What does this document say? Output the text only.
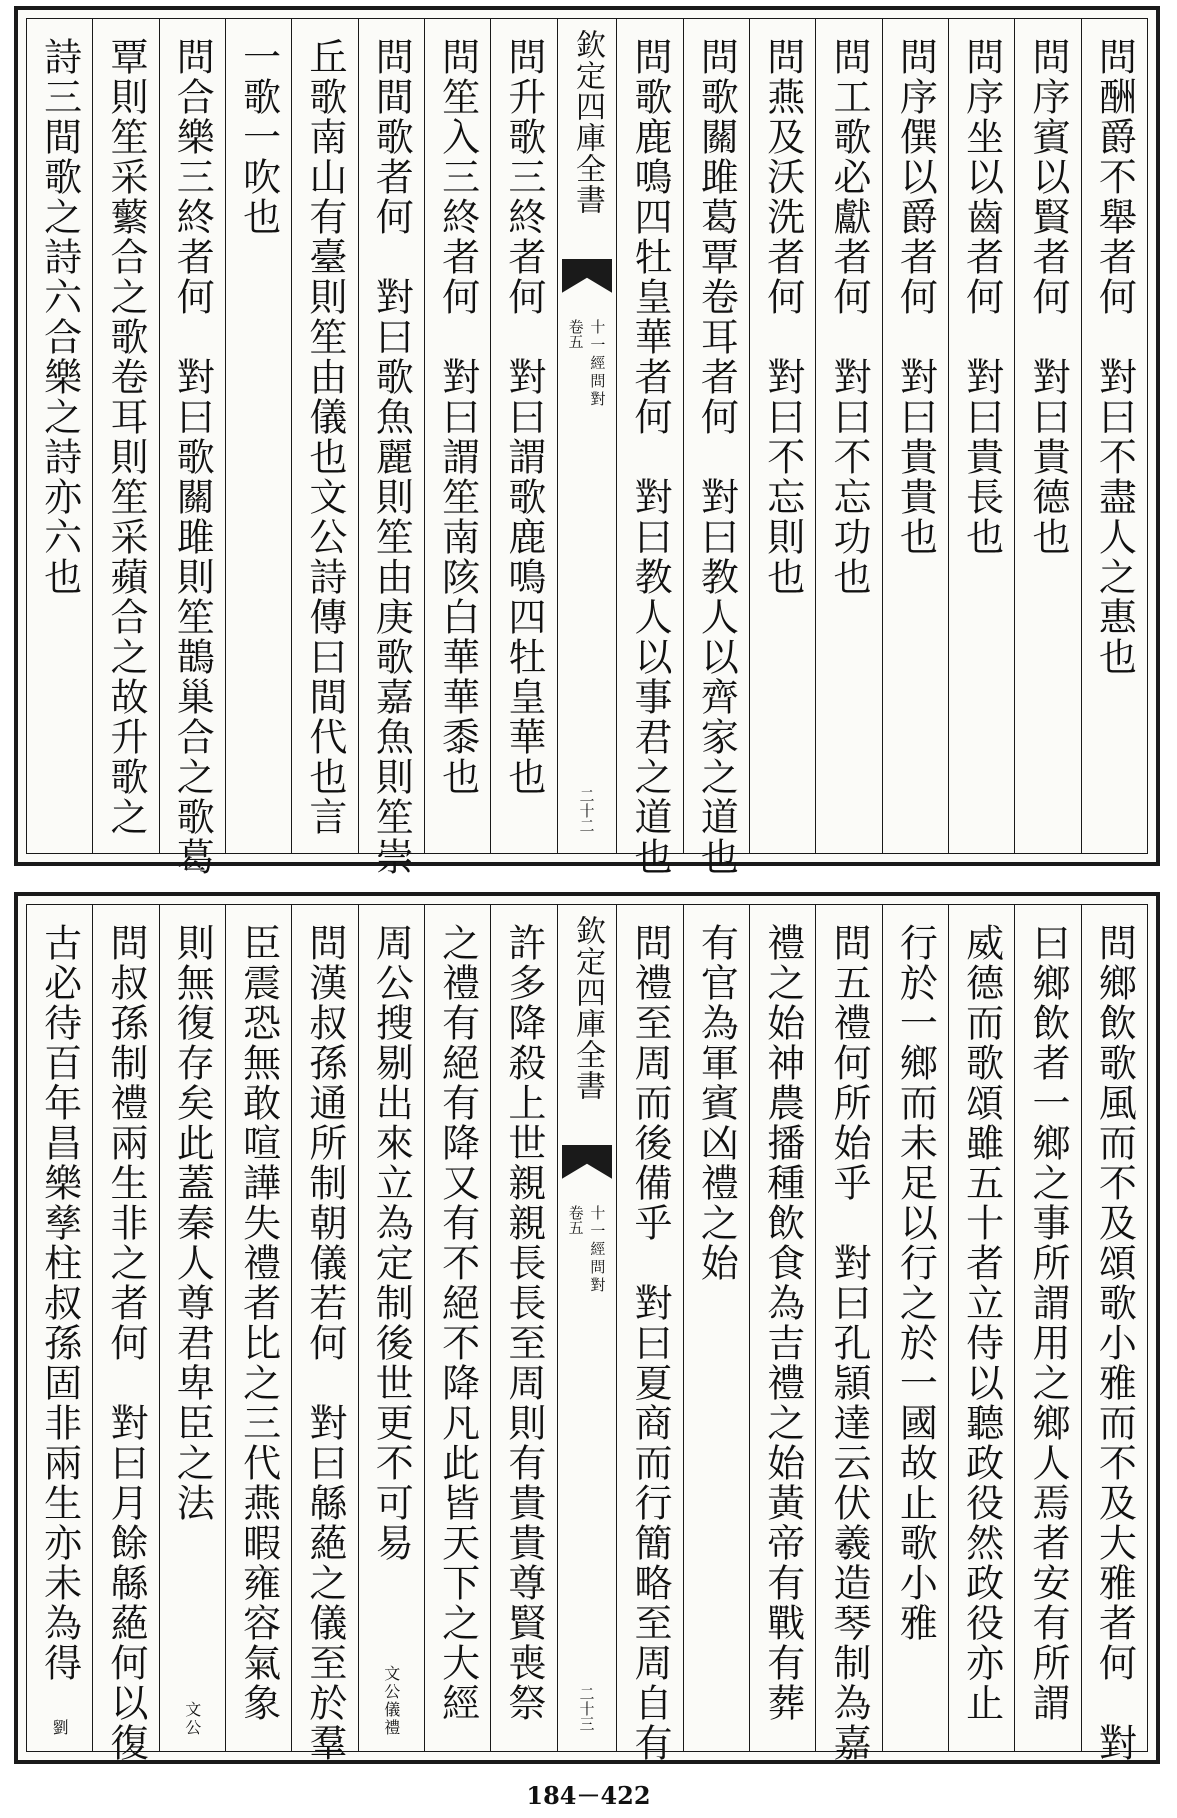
問酬爵不舉者何　對曰不盡人之惠也
問序賓以賢者何　對曰貴德也
問序坐以齒者何　對曰貴長也
問序僎以爵者何　對曰貴貴也
問工歌必獻者何　對曰不忘功也
問燕及沃洗者何　對曰不忘則也
問歌關雎葛覃卷耳者何　對曰教人以齊家之道也
問歌鹿鳴四牡皇華者何　對曰教人以事君之道也
欽定四庫全書
十一經問對
卷五
二十二
問升歌三終者何　對曰謂歌鹿鳴四牡皇華也
問笙入三終者何　對曰謂笙南陔白華華黍也
問間歌者何　對曰歌魚麗則笙由庚歌嘉魚則笙崇
丘歌南山有臺則笙由儀也文公詩傳曰間代也言
一歌一吹也
問合樂三終者何　對曰歌關雎則笙鵲巢合之歌葛
覃則笙采蘩合之歌卷耳則笙采蘋合之故升歌之
詩三間歌之詩六合樂之詩亦六也
問鄉飲歌風而不及頌歌小雅而不及大雅者何　對
曰鄉飲者一鄉之事所謂用之鄉人焉者安有所謂
威德而歌頌雖五十者立侍以聽政役然政役亦止
行於一鄉而未足以行之於一國故止歌小雅
問五禮何所始乎　對曰孔頴達云伏羲造琴制為嘉
禮之始神農播種飲食為吉禮之始黃帝有戰有葬
有官為軍賓凶禮之始
問禮至周而後備乎　對曰夏商而行簡略至周自有
欽定四庫全書
十一經問對
卷五
二十三
許多降殺上世親親長長至周則有貴貴尊賢喪祭
之禮有絕有降又有不絕不降凡此皆天下之大經
周公搜剔出來立為定制後世更不可易
文公儀禮
問漢叔孫通所制朝儀若何　對曰緜蕝之儀至於羣
臣震恐無敢喧譁失禮者比之三代燕暇雍容氣象
則無復存矣此蓋秦人尊君卑臣之法
文公
問叔孫制禮兩生非之者何　對曰月餘緜蕝何以復
古必待百年昌樂孳柱叔孫固非兩生亦未為得
劉
184－422
